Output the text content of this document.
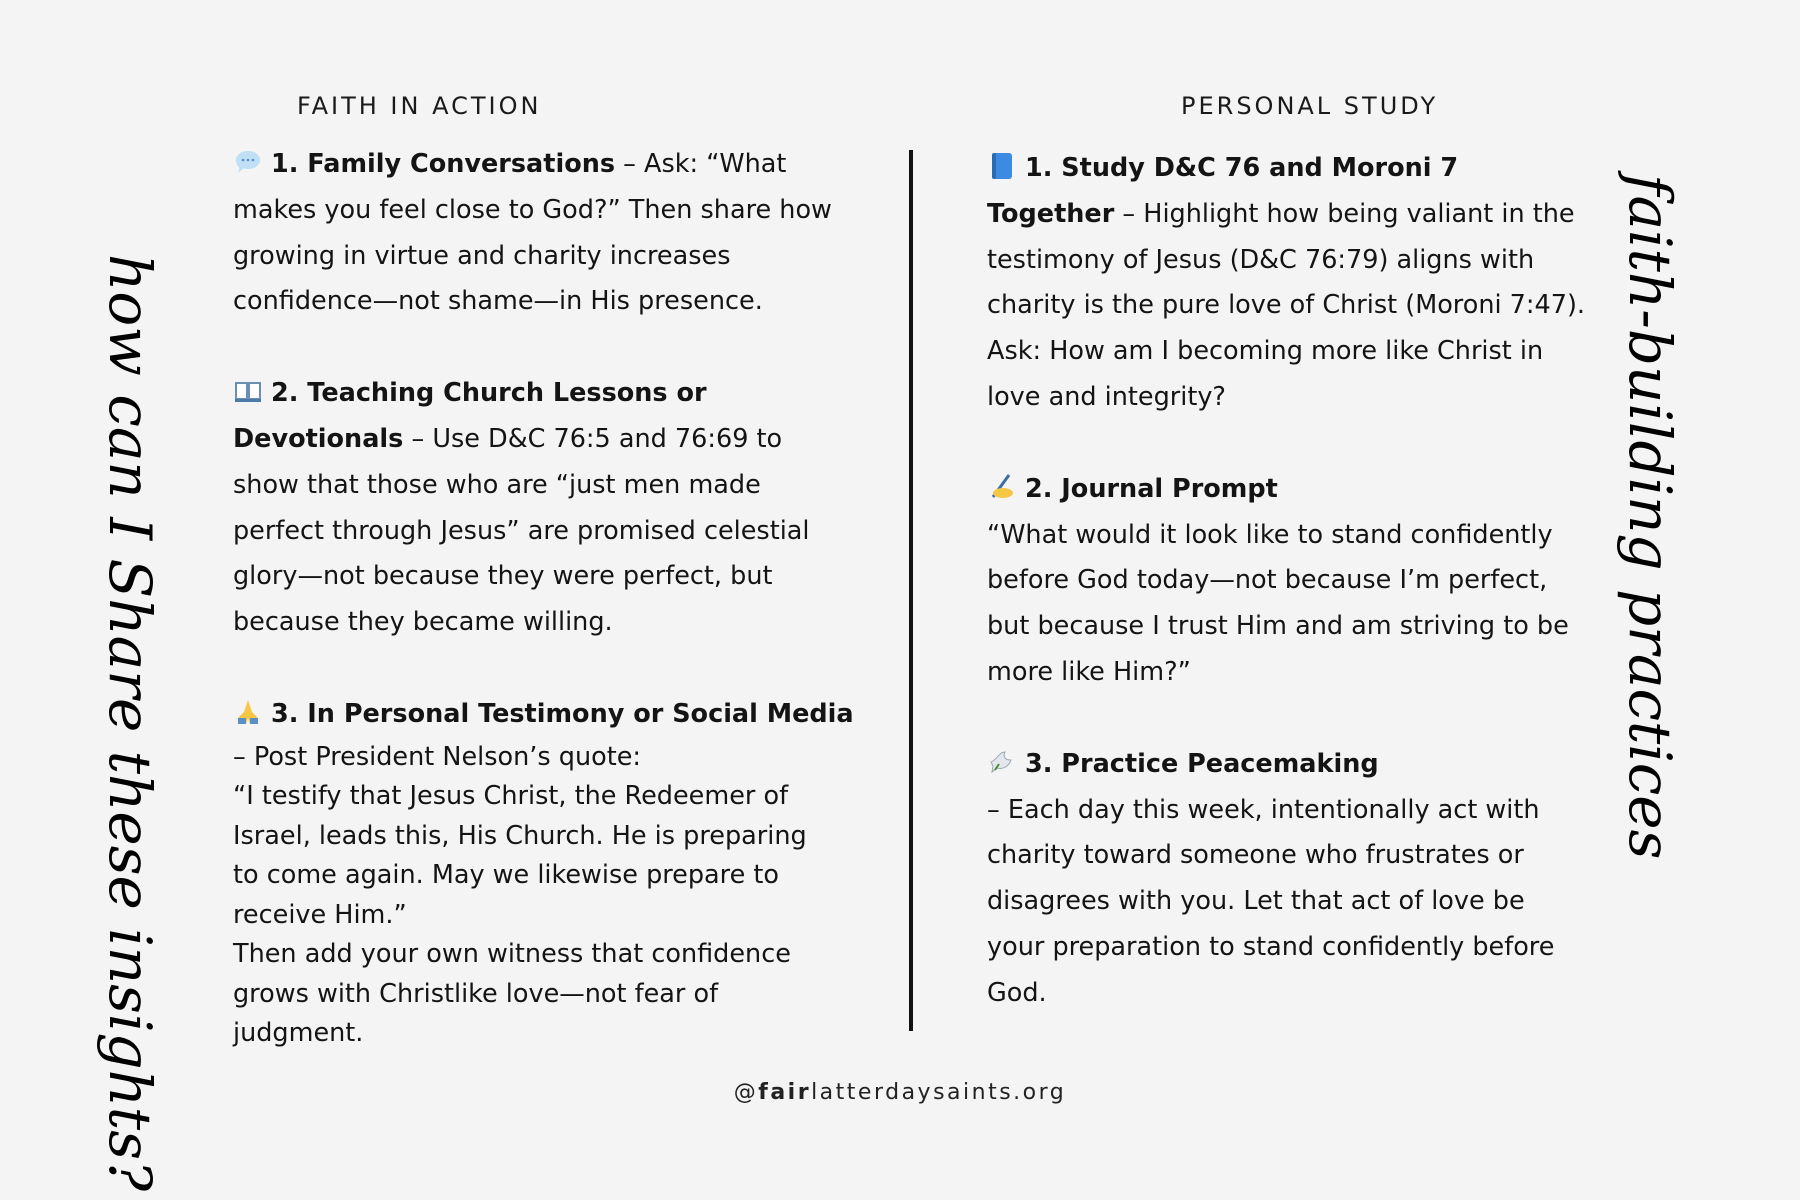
how can I Share these insights?	faith-building practices
FAITH IN ACTION	PERSONAL STUDY

1. Family Conversations – Ask: “What makes you feel close to God?” Then share how growing in virtue and charity increases confidence—not shame—in His presence.

2. Teaching Church Lessons or Devotionals – Use D&C 76:5 and 76:69 to show that those who are “just men made perfect through Jesus” are promised celestial glory—not because they were perfect, but because they became willing.

3. In Personal Testimony or Social Media
– Post President Nelson’s quote:
“I testify that Jesus Christ, the Redeemer of Israel, leads this, His Church. He is preparing to come again. May we likewise prepare to receive Him.”
Then add your own witness that confidence grows with Christlike love—not fear of judgment.

1. Study D&C 76 and Moroni 7 Together – Highlight how being valiant in the testimony of Jesus (D&C 76:79) aligns with charity is the pure love of Christ (Moroni 7:47). Ask: How am I becoming more like Christ in love and integrity?

2. Journal Prompt
“What would it look like to stand confidently before God today—not because I’m perfect, but because I trust Him and am striving to be more like Him?”
3. Practice Peacemaking
– Each day this week, intentionally act with charity toward someone who frustrates or disagrees with you. Let that act of love be your preparation to stand confidently before God.
@fairlatterdaysaints.org
